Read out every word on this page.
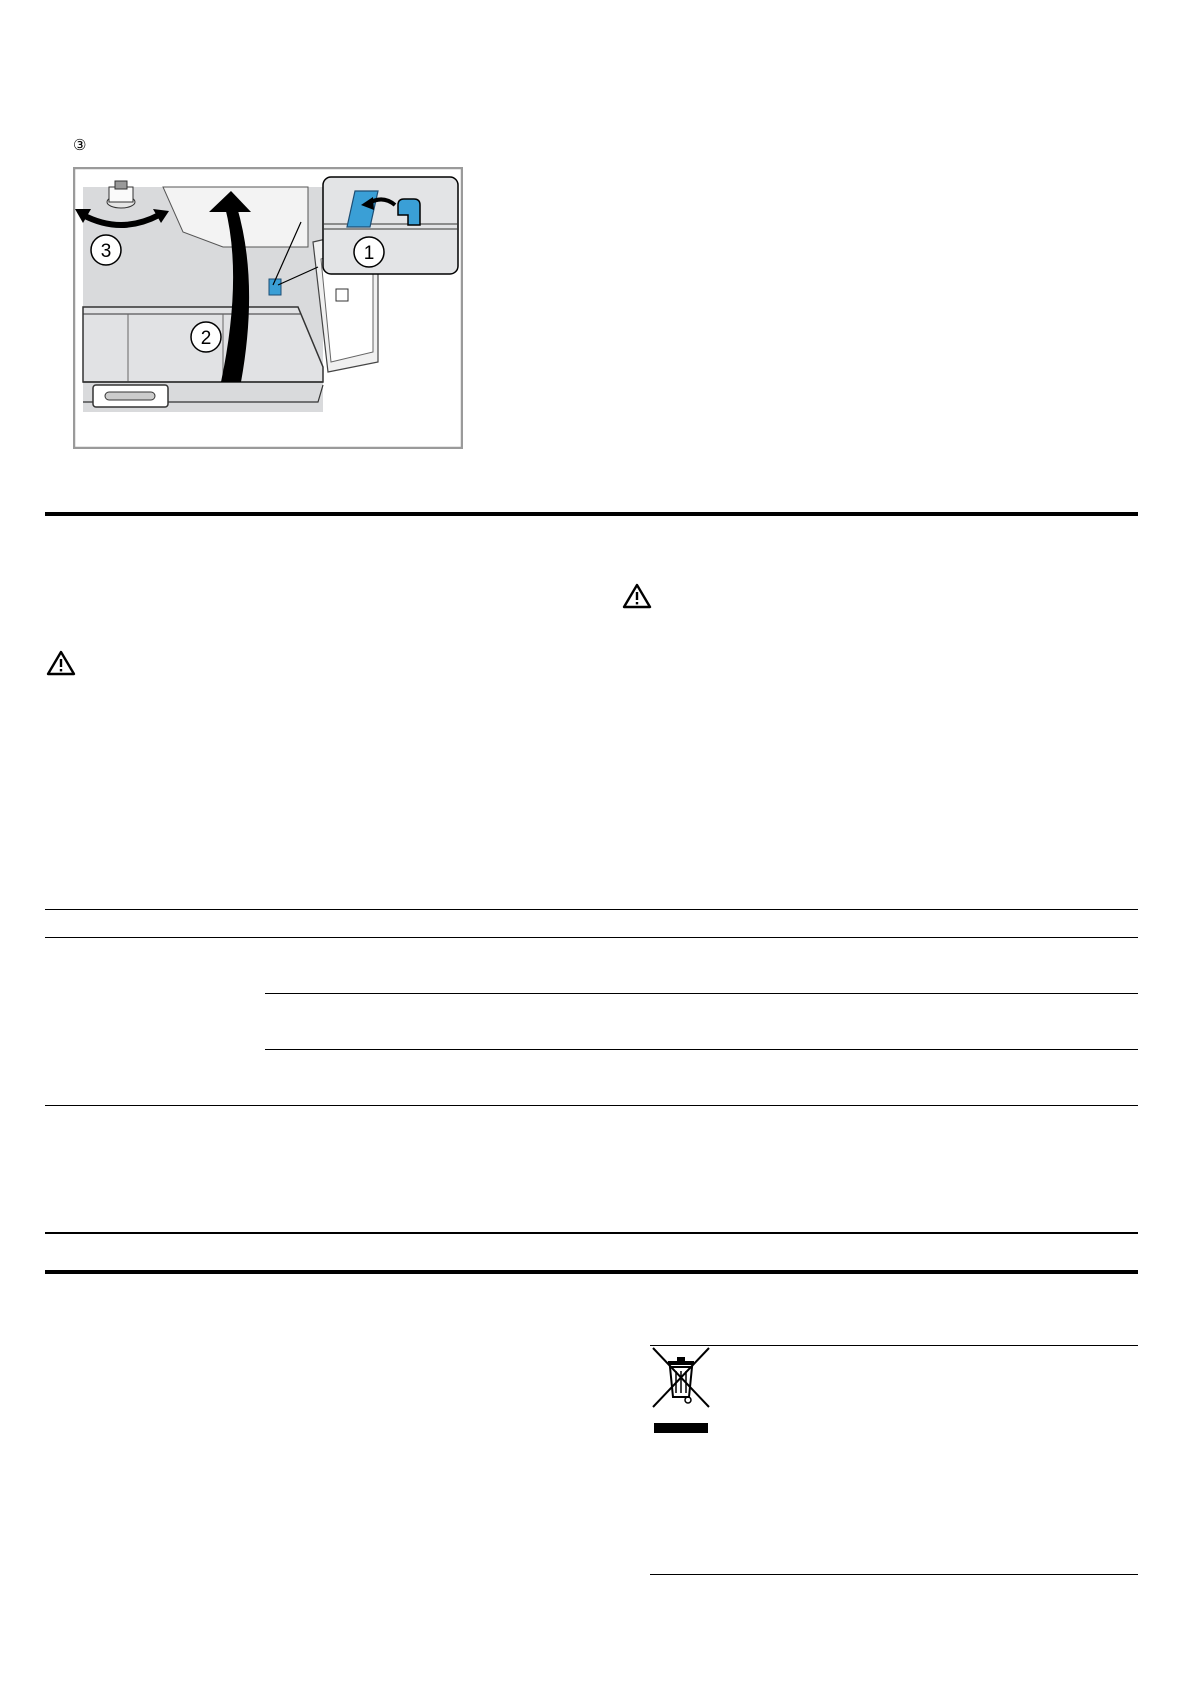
③
3
2
1
